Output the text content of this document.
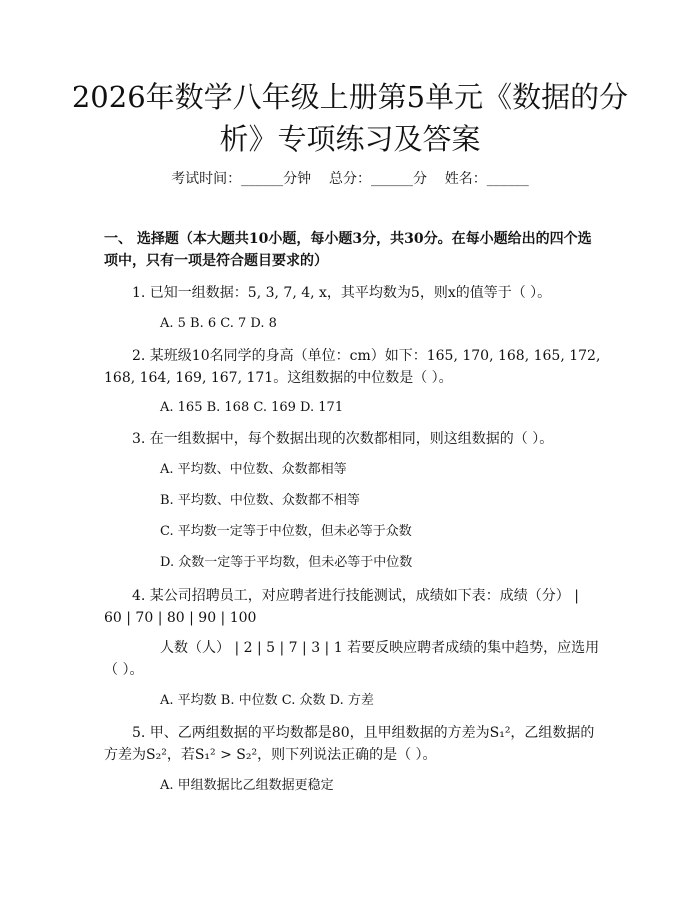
2026年数学八年级上册第5单元《数据的分析》专项练习及答案
考试时间：______分钟    总分：______分    姓名：______
一、 选择题（本大题共10小题，每小题3分，共30分。在每小题给出的四个选项中，只有一项是符合题目要求的）
1. 已知一组数据：5, 3, 7, 4, x，其平均数为5，则x的值等于（ ）。
A. 5 B. 6 C. 7 D. 8
2. 某班级10名同学的身高（单位：cm）如下：165, 170, 168, 165, 172, 168, 164, 169, 167, 171。这组数据的中位数是（ ）。
A. 165 B. 168 C. 169 D. 171
3. 在一组数据中，每个数据出现的次数都相同，则这组数据的（ ）。
A. 平均数、中位数、众数都相等
B. 平均数、中位数、众数都不相等
C. 平均数一定等于中位数，但未必等于众数
D. 众数一定等于平均数，但未必等于中位数
4. 某公司招聘员工，对应聘者进行技能测试，成绩如下表：成绩（分） | 60 | 70 | 80 | 90 | 100
人数（人） | 2 | 5 | 7 | 3 | 1 若要反映应聘者成绩的集中趋势，应选用（ ）。
A. 平均数 B. 中位数 C. 众数 D. 方差
5. 甲、乙两组数据的平均数都是80，且甲组数据的方差为S₁²，乙组数据的方差为S₂²，若S₁² > S₂²，则下列说法正确的是（ ）。
A. 甲组数据比乙组数据更稳定
